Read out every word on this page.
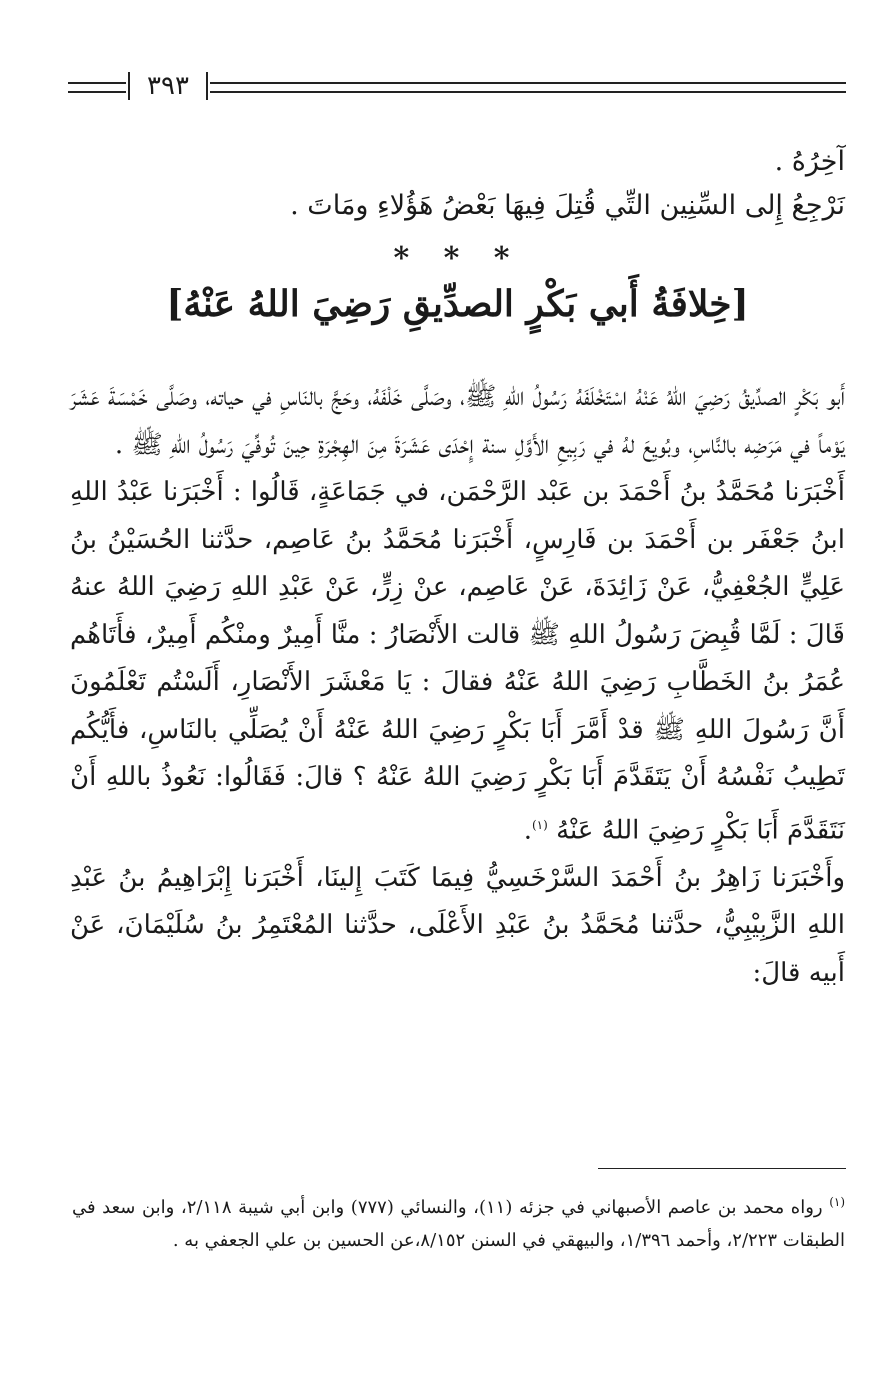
٣٩٣

آخِرُهُ .

نَرْجِعُ إِلى السِّنِين التِّي قُتِلَ فِيهَا بَعْضُ هَؤُلاءِ ومَاتَ .

* * *
[خِلافَةُ أَبي بَكْرٍ الصدِّيقِ رَضِيَ اللهُ عَنْهُ]

أَبو بَكْرٍ الصدِّيقُ رَضِيَ اللهُ عَنْهُ اسْتَخْلَفَهُ رَسُولُ اللهِ ﷺ، وصَلَّى خَلْفَهُ، وحَجَّ بالنَاسِ في حياته، وصَلَّى خَمْسَةَ عَشَرَ يَوْماً في مَرَضِه بالنَّاسِ، وبُويِعَ لهُ في رَبِيعِ الأَوَّلِ سنة إِحْدَى عَشَرَةَ مِنَ الهِجْرَةِ حِينَ تُوفِّيَ رَسُولُ اللهِ ﷺ .

أَخْبَرَنا مُحَمَّدُ بنُ أَحْمَدَ بن عَبْد الرَّحْمَن، في جَمَاعَةٍ، قَالُوا : أَخْبَرَنا عَبْدُ اللهِ ابنُ جَعْفَر بن أَحْمَدَ بن فَارِسٍ، أَخْبَرَنا مُحَمَّدُ بنُ عَاصِم، حدَّثنا الحُسَيْنُ بنُ عَلِيٍّ الجُعْفِيُّ، عَنْ زَائِدَةَ، عَنْ عَاصِم، عنْ زِرٍّ، عَنْ عَبْدِ اللهِ رَضِيَ اللهُ عنهُ قَالَ : لَمَّا قُبِضَ رَسُولُ اللهِ ﷺ قالت الأَنْصَارُ : منَّا أَمِيرٌ ومنْكُم أَمِيرٌ، فأَتَاهُم عُمَرُ بنُ الخَطَّابِ رَضِيَ اللهُ عَنْهُ فقالَ : يَا مَعْشَرَ الأَنْصَارِ، أَلَسْتُم تَعْلَمُونَ أَنَّ رَسُولَ اللهِ ﷺ قدْ أَمَّرَ أَبَا بَكْرٍ رَضِيَ اللهُ عَنْهُ أَنْ يُصَلِّي بالنَاسِ، فأَيُّكُم تَطِيبُ نَفْسُهُ أَنْ يَتَقَدَّمَ أَبَا بَكْرٍ رَضِيَ اللهُ عَنْهُ ؟ قالَ: فَقَالُوا: نَعُوذُ باللهِ أَنْ نَتَقَدَّمَ أَبَا بَكْرٍ رَضِيَ اللهُ عَنْهُ $^{(١)}$.

وأَخْبَرَنا زَاهِرُ بنُ أَحْمَدَ السَّرْخَسِيُّ فِيمَا كَتَبَ إِلينَا، أَخْبَرَنا إِبْرَاهِيمُ بنُ عَبْدِ اللهِ الزَّبِيْبِيُّ، حدَّثنا مُحَمَّدُ بنُ عَبْدِ الأَعْلَى، حدَّثنا المُعْتَمِرُ بنُ سُلَيْمَانَ، عَنْ أَبيه قالَ:

$^{(١)}$ رواه محمد بن عاصم الأصبهاني في جزئه (١١)، والنسائي (٧٧٧) وابن أبي شيبة ٢/١١٨، وابن سعد في الطبقات ٢/٢٢٣، وأحمد ١/٣٩٦، والبيهقي في السنن ٨/١٥٢،عن الحسين بن علي الجعفي به .
